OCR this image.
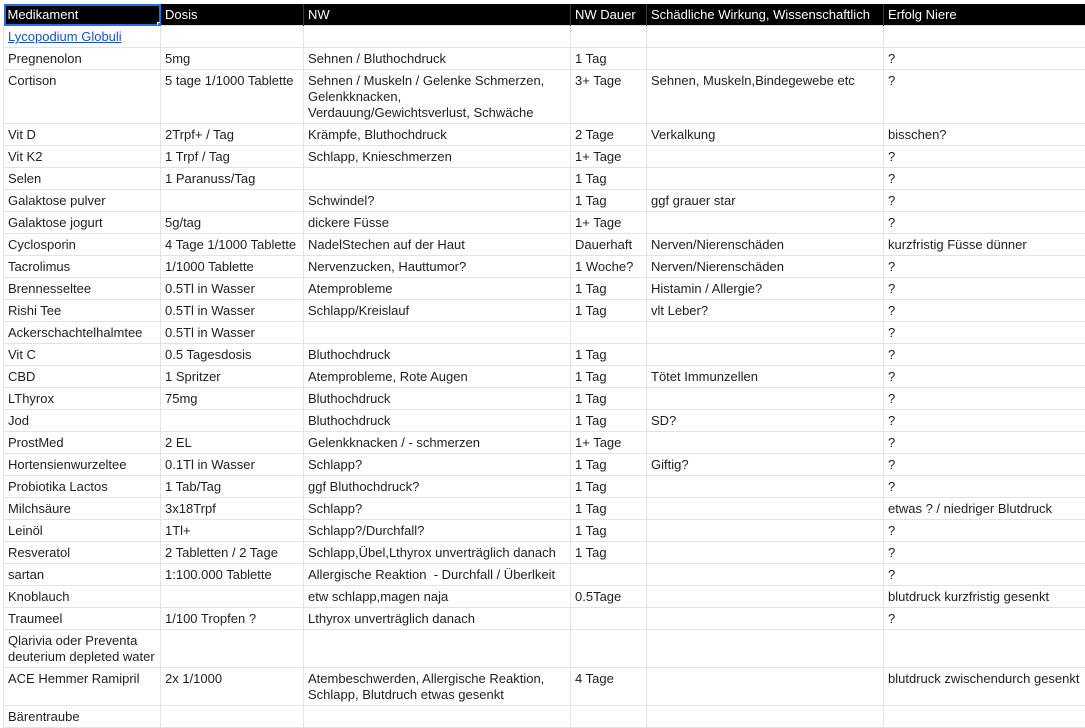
Medikament	Dosis	NW	NW Dauer	Schädliche Wirkung, Wissenschaftlich	Erfolg Niere
Lycopodium Globuli					
Pregnenolon	5mg	Sehnen / Bluthochdruck	1 Tag		?
Cortison	5 tage 1/1000 Tablette	Sehnen / Muskeln / Gelenke Schmerzen, Gelenkknacken, Verdauung/Gewichtsverlust, Schwäche	3+ Tage	Sehnen, Muskeln,Bindegewebe etc	?
Vit D	2Trpf+ / Tag	Krämpfe, Bluthochdruck	2 Tage	Verkalkung	bisschen?
Vit K2	1 Trpf / Tag	Schlapp, Knieschmerzen	1+ Tage		?
Selen	1 Paranuss/Tag		1 Tag		?
Galaktose pulver		Schwindel?	1 Tag	ggf grauer star	?
Galaktose jogurt	5g/tag	dickere Füsse	1+ Tage		?
Cyclosporin	4 Tage 1/1000 Tablette	NadelStechen auf der Haut	Dauerhaft	Nerven/Nierenschäden	kurzfristig Füsse dünner
Tacrolimus	1/1000 Tablette	Nervenzucken, Hauttumor?	1 Woche?	Nerven/Nierenschäden	?
Brennesseltee	0.5Tl in Wasser	Atemprobleme	1 Tag	Histamin / Allergie?	?
Rishi Tee	0.5Tl in Wasser	Schlapp/Kreislauf	1 Tag	vlt Leber?	?
Ackerschachtelhalmtee	0.5Tl in Wasser				?
Vit C	0.5 Tagesdosis	Bluthochdruck	1 Tag		?
CBD	1 Spritzer	Atemprobleme, Rote Augen	1 Tag	Tötet Immunzellen	?
LThyrox	75mg	Bluthochdruck	1 Tag		?
Jod		Bluthochdruck	1 Tag	SD?	?
ProstMed	2 EL	Gelenkknacken / - schmerzen	1+ Tage		?
Hortensienwurzeltee	0.1Tl in Wasser	Schlapp?	1 Tag	Giftig?	?
Probiotika Lactos	1 Tab/Tag	ggf Bluthochdruck?	1 Tag		?
Milchsäure	3x18Trpf	Schlapp?	1 Tag		etwas ? / niedriger Blutdruck
Leinöl	1Tl+	Schlapp?/Durchfall?	1 Tag		?
Resveratol	2 Tabletten / 2 Tage	Schlapp,Übel,Lthyrox unverträglich danach	1 Tag		?
sartan	1:100.000 Tablette	Allergische Reaktion  - Durchfall / Überlkeit			?
Knoblauch		etw schlapp,magen naja	0.5Tage		blutdruck kurzfristig gesenkt
Traumeel	1/100 Tropfen ?	Lthyrox unverträglich danach			?
Qlarivia oder Preventa deuterium depleted water					
ACE Hemmer Ramipril	2x 1/1000	Atembeschwerden, Allergische Reaktion, Schlapp, Blutdruch etwas gesenkt	4 Tage		blutdruck zwischendurch gesenkt
Bärentraube					
